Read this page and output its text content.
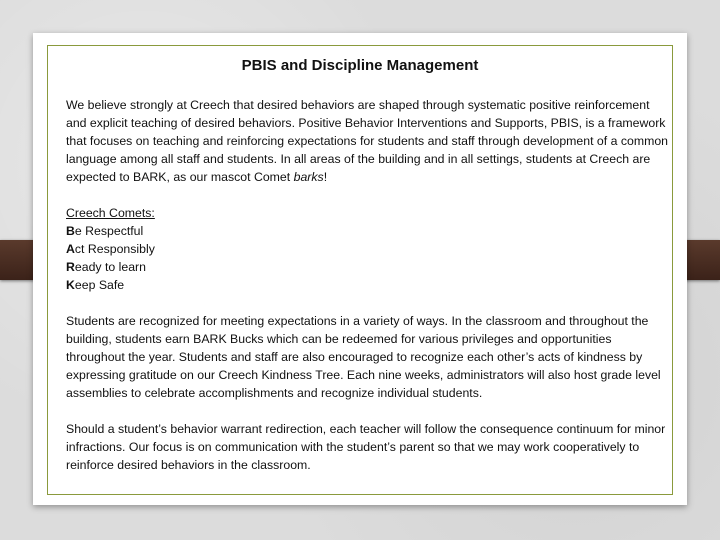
PBIS and Discipline Management

We believe strongly at Creech that desired behaviors are shaped through systematic positive reinforcement and explicit teaching of desired behaviors. Positive Behavior Interventions and Supports, PBIS, is a framework that focuses on teaching and reinforcing expectations for students and staff through development of a common language among all staff and students. In all areas of the building and in all settings, students at Creech are expected to BARK, as our mascot Comet barks!

Creech Comets:

Be Respectful

Act Responsibly

Ready to learn

Keep Safe

Students are recognized for meeting expectations in a variety of ways. In the classroom and throughout the building, students earn BARK Bucks which can be redeemed for various privileges and opportunities throughout the year. Students and staff are also encouraged to recognize each other’s acts of kindness by expressing gratitude on our Creech Kindness Tree. Each nine weeks, administrators will also host grade level assemblies to celebrate accomplishments and recognize individual students.

Should a student’s behavior warrant redirection, each teacher will follow the consequence continuum for minor infractions. Our focus is on communication with the student’s parent so that we may work cooperatively to reinforce desired behaviors in the classroom.
